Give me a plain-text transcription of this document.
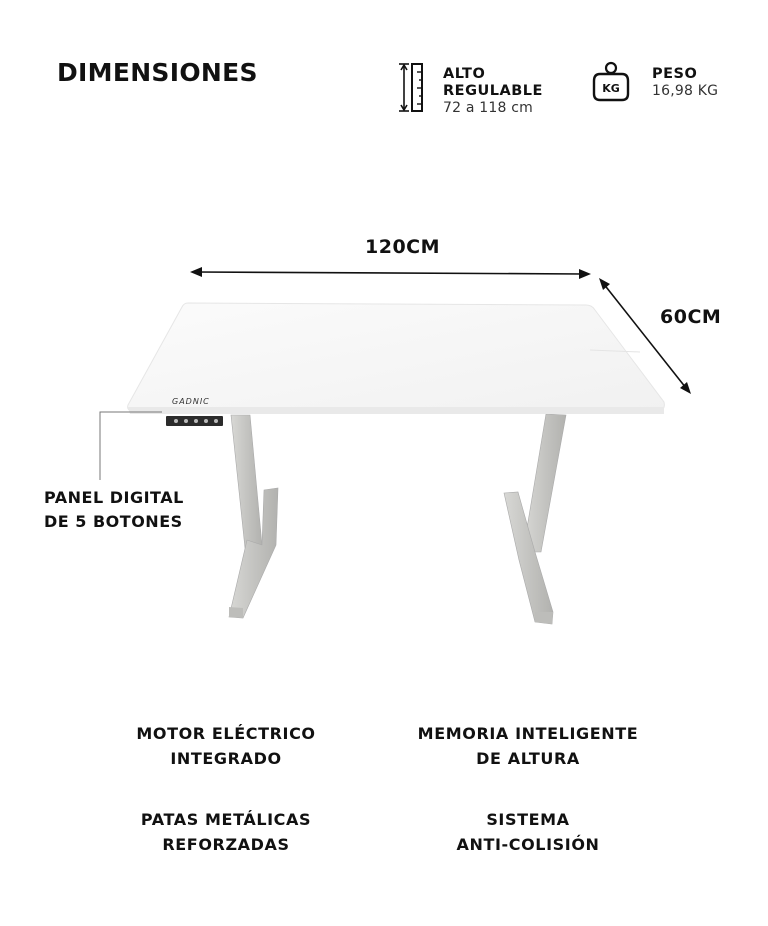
DIMENSIONES	ALTO
REGULABLE
72 a 118 cm
KG
PESO
16,98 KG
120CM
60CM
GADNIC
PANEL DIGITAL
DE 5 BOTONES
MOTOR ELÉCTRICO
INTEGRADO
MEMORIA INTELIGENTE
DE ALTURA
PATAS METÁLICAS
REFORZADAS
SISTEMA
ANTI-COLISIÓN
